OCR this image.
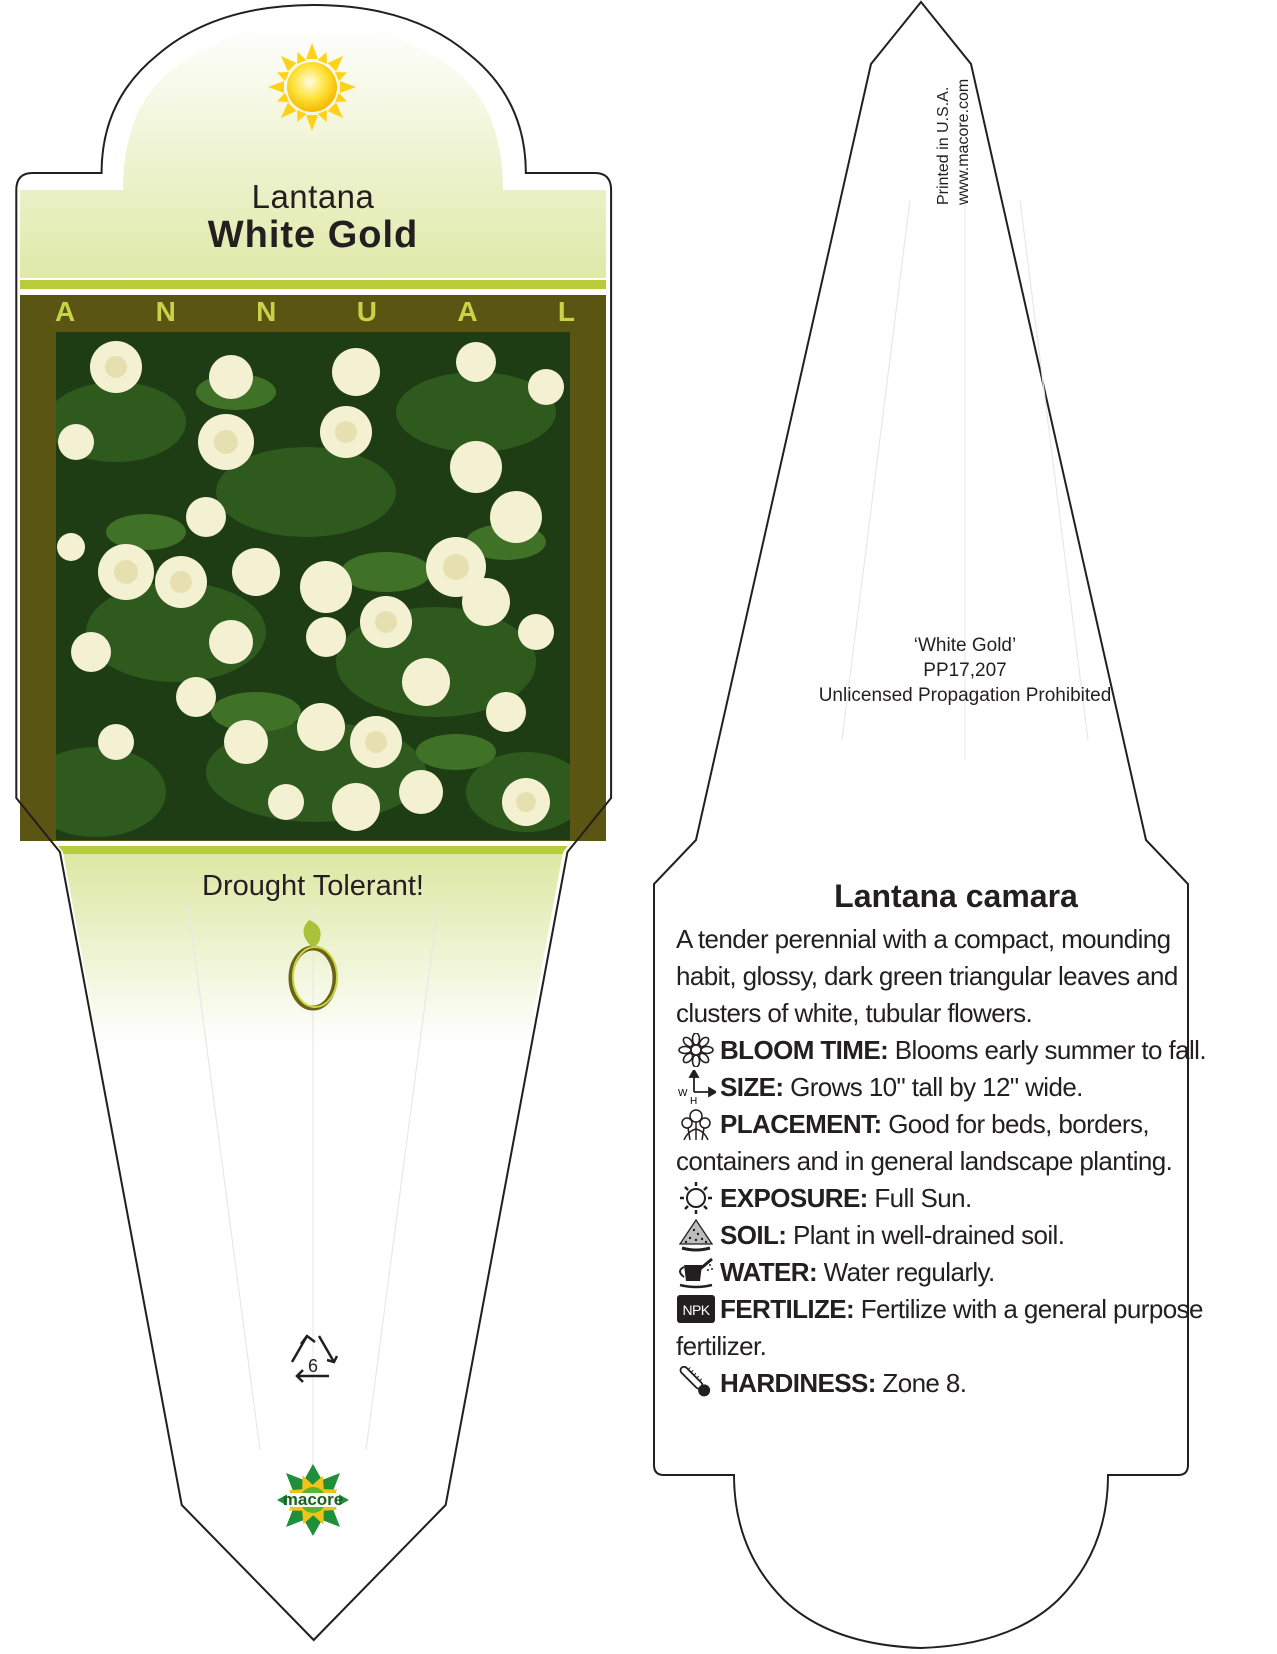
Lantana
White Gold
A	N	N	U	A	L
Drought Tolerant!
6
macore
Printed in U.S.A. www.macore.com
‘White Gold’
PP17,207
Unlicensed Propagation Prohibited
Lantana camara
A tender perennial with a compact, mounding habit, glossy, dark green triangular leaves and clusters of white, tubular flowers.
BLOOM TIME: Blooms early summer to fall.
W
H SIZE: Grows 10" tall by 12" wide.
PLACEMENT: Good for beds, borders, containers and in general landscape planting.
EXPOSURE: Full Sun.
SOIL: Plant in well-drained soil.
WATER: Water regularly.
NPK FERTILIZE: Fertilize with a general purpose fertilizer.
HARDINESS: Zone 8.
